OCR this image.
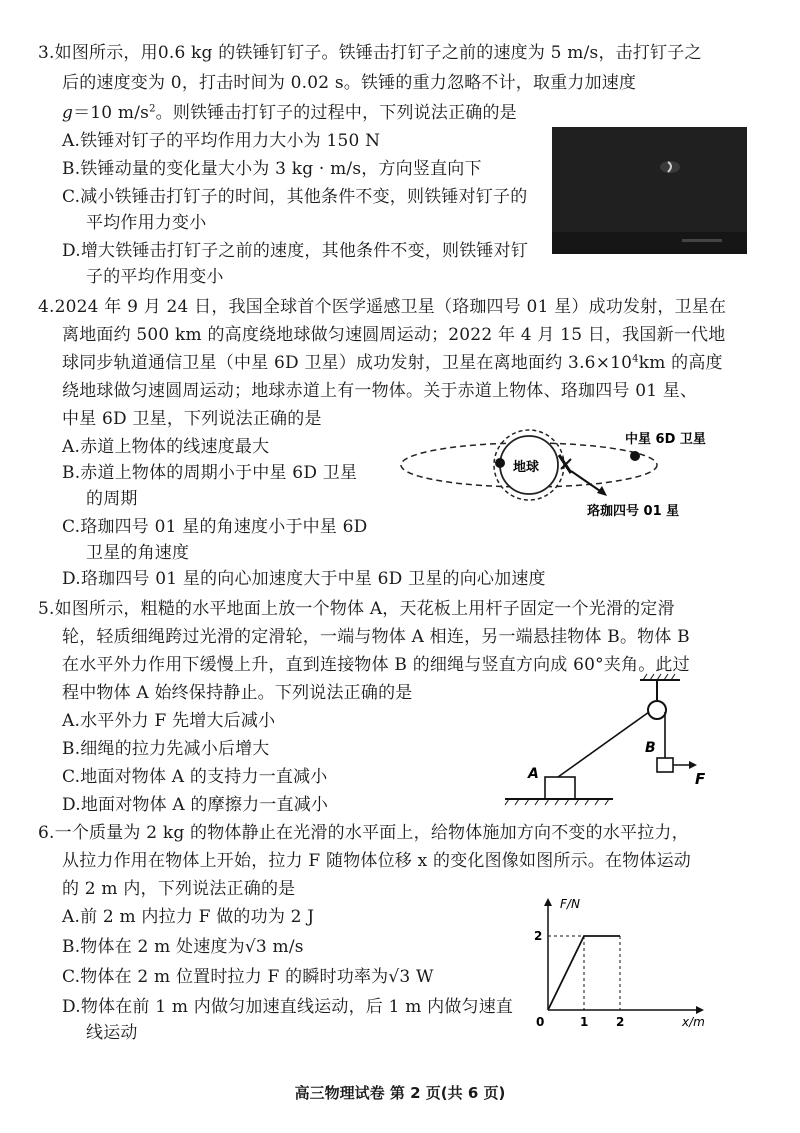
3.如图所示，用0.6 kg 的铁锤钉钉子。铁锤击打钉子之前的速度为 5 m/s，击打钉子之
后的速度变为 0，打击时间为 0.02 s。铁锤的重力忽略不计，取重力加速度
g＝10 $m/s^2$。则铁锤击打钉子的过程中，下列说法正确的是
A.铁锤对钉子的平均作用力大小为 150 N
B.铁锤动量的变化量大小为 3 kg · m/s，方向竖直向下
C.减小铁锤击打钉子的时间，其他条件不变，则铁锤对钉子的
平均作用力变小
D.增大铁锤击打钉子之前的速度，其他条件不变，则铁锤对钉
子的平均作用变小
4.2024 年 9 月 24 日，我国全球首个医学遥感卫星（珞珈四号 01 星）成功发射，卫星在
离地面约 500 km 的高度绕地球做匀速圆周运动；2022 年 4 月 15 日，我国新一代地
球同步轨道通信卫星（中星 6D 卫星）成功发射，卫星在离地面约 $3.6\times 10^4km$ 的高度
绕地球做匀速圆周运动；地球赤道上有一物体。关于赤道上物体、珞珈四号 01 星、
中星 6D 卫星，下列说法正确的是
A.赤道上物体的线速度最大
B.赤道上物体的周期小于中星 6D 卫星
的周期
C.珞珈四号 01 星的角速度小于中星 6D
卫星的角速度
D.珞珈四号 01 星的向心加速度大于中星 6D 卫星的向心加速度
地球
中星 6D 卫星
珞珈四号 01 星
5.如图所示，粗糙的水平地面上放一个物体 A，天花板上用杆子固定一个光滑的定滑
轮，轻质细绳跨过光滑的定滑轮，一端与物体 A 相连，另一端悬挂物体 B。物体 B
在水平外力作用下缓慢上升，直到连接物体 B 的细绳与竖直方向成 60°夹角。此过
程中物体 A 始终保持静止。下列说法正确的是
A.水平外力 F 先增大后减小
B.细绳的拉力先减小后增大
C.地面对物体 A 的支持力一直减小
D.地面对物体 A 的摩擦力一直减小
F
B
A
6.一个质量为 2 kg 的物体静止在光滑的水平面上，给物体施加方向不变的水平拉力，
从拉力作用在物体上开始，拉力 F 随物体位移 x 的变化图像如图所示。在物体运动
的 2 m 内，下列说法正确的是
A.前 2 m 内拉力 F 做的功为 2 J
B.物体在 2 m 处速度为√3 m/s
C.物体在 2 m 位置时拉力 F 的瞬时功率为√3 W
D.物体在前 1 m 内做匀加速直线运动，后 1 m 内做匀速直
线运动
F/N
x/m
0	1 2
2
高三物理试卷 第 2 页(共 6 页)
